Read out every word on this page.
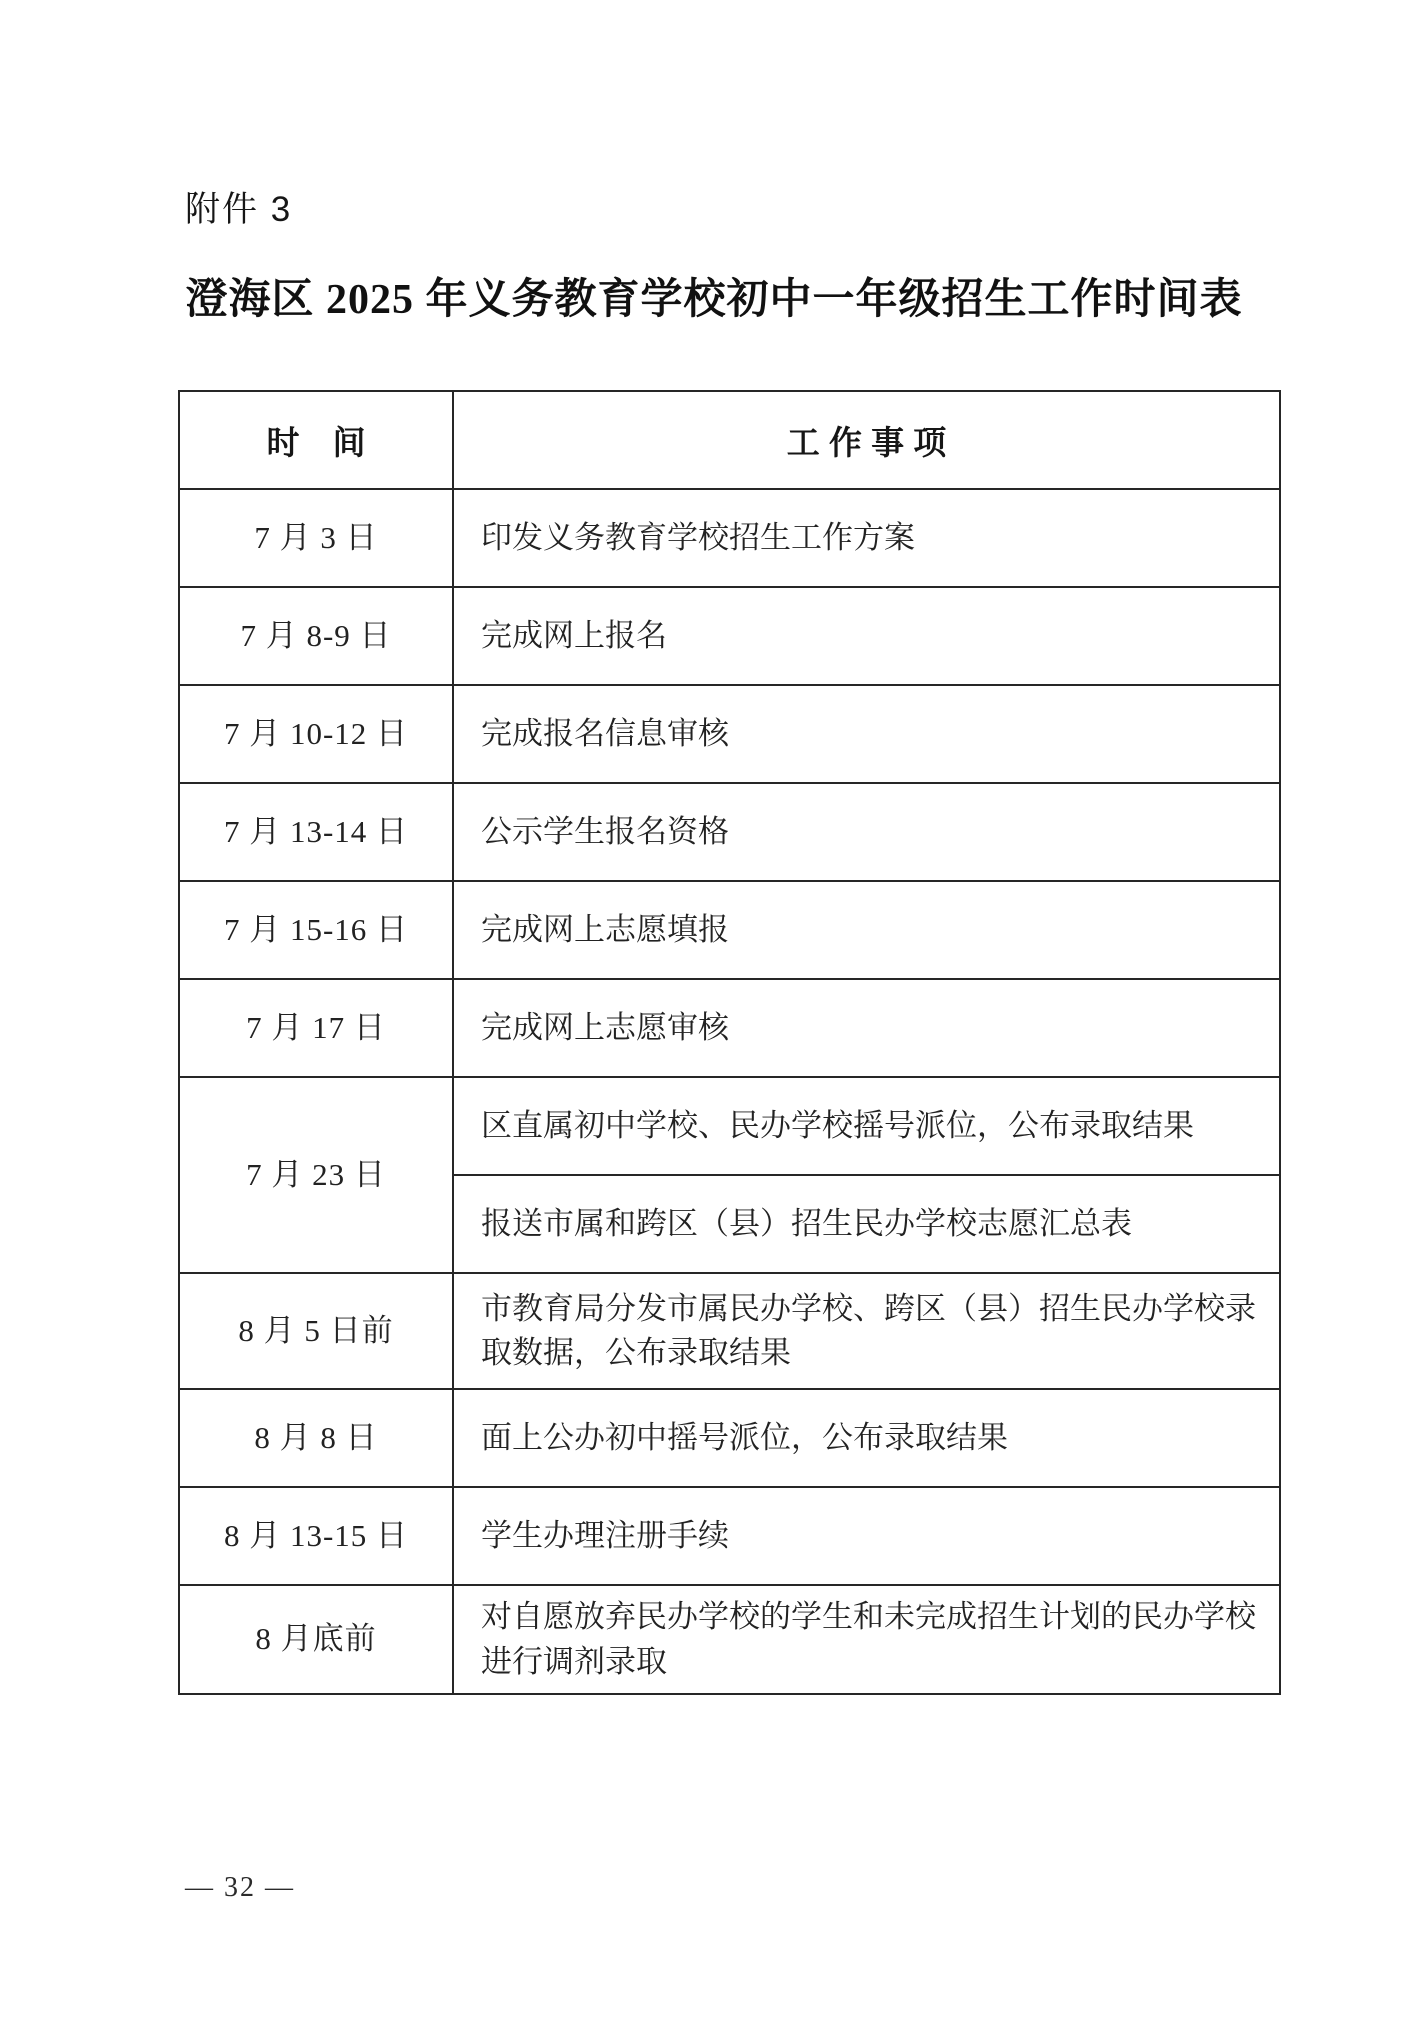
附件 3
澄海区 2025 年义务教育学校初中一年级招生工作时间表
时　间	工 作 事 项
7 月 3 日	印发义务教育学校招生工作方案
7 月 8-9 日	完成网上报名
7 月 10-12 日	完成报名信息审核
7 月 13-14 日	公示学生报名资格
7 月 15-16 日	完成网上志愿填报
7 月 17 日	完成网上志愿审核
7 月 23 日	区直属初中学校、民办学校摇号派位，公布录取结果
	报送市属和跨区（县）招生民办学校志愿汇总表
8 月 5 日前	市教育局分发市属民办学校、跨区（县）招生民办学校录取数据，公布录取结果
8 月 8 日	面上公办初中摇号派位，公布录取结果
8 月 13-15 日	学生办理注册手续
8 月底前	对自愿放弃民办学校的学生和未完成招生计划的民办学校进行调剂录取
— 32 —
